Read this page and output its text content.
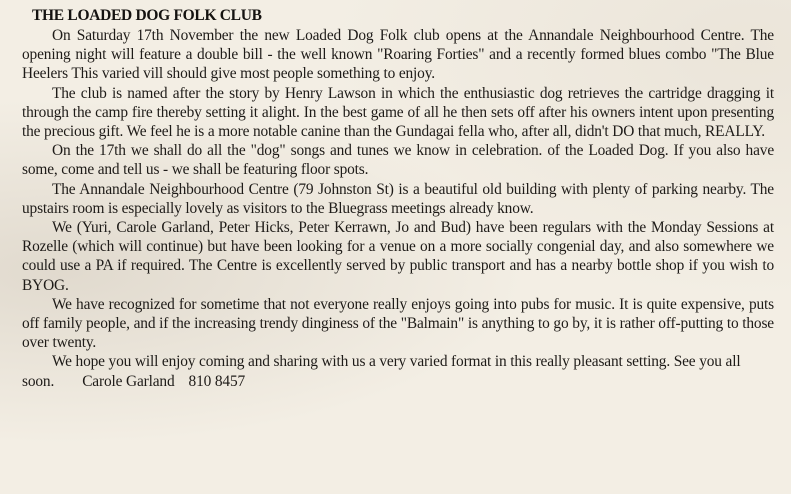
THE LOADED DOG FOLK CLUB

On Saturday 17th November the new Loaded Dog Folk club opens at the Annandale Neighbourhood Centre. The opening night will feature a double bill - the well known "Roaring Forties" and a recently formed blues combo "The Blue Heelers This varied vill should give most people something to enjoy.

The club is named after the story by Henry Lawson in which the enthusiastic dog retrieves the cartridge dragging it through the camp fire thereby setting it alight. In the best game of all he then sets off after his owners intent upon presenting the precious gift. We feel he is a more notable canine than the Gundagai fella who, after all, didn't DO that much, REALLY.

On the 17th we shall do all the "dog" songs and tunes we know in celebration. of the Loaded Dog. If you also have some, come and tell us - we shall be featuring floor spots.

The Annandale Neighbourhood Centre (79 Johnston St) is a beautiful old building with plenty of parking nearby. The upstairs room is especially lovely as visitors to the Bluegrass meetings already know.

We (Yuri, Carole Garland, Peter Hicks, Peter Kerrawn, Jo and Bud) have been regulars with the Monday Sessions at Rozelle (which will continue) but have been looking for a venue on a more socially congenial day, and also somewhere we could use a PA if required. The Centre is excellently served by public transport and has a nearby bottle shop if you wish to BYOG.

We have recognized for sometime that not everyone really enjoys going into pubs for music. It is quite expensive, puts off family people, and if the increasing trendy dinginess of the "Balmain" is anything to go by, it is rather off-putting to those over twenty.

We hope you will enjoy coming and sharing with us a very varied format in this really pleasant setting. See you all soon. Carole Garland 810 8457
